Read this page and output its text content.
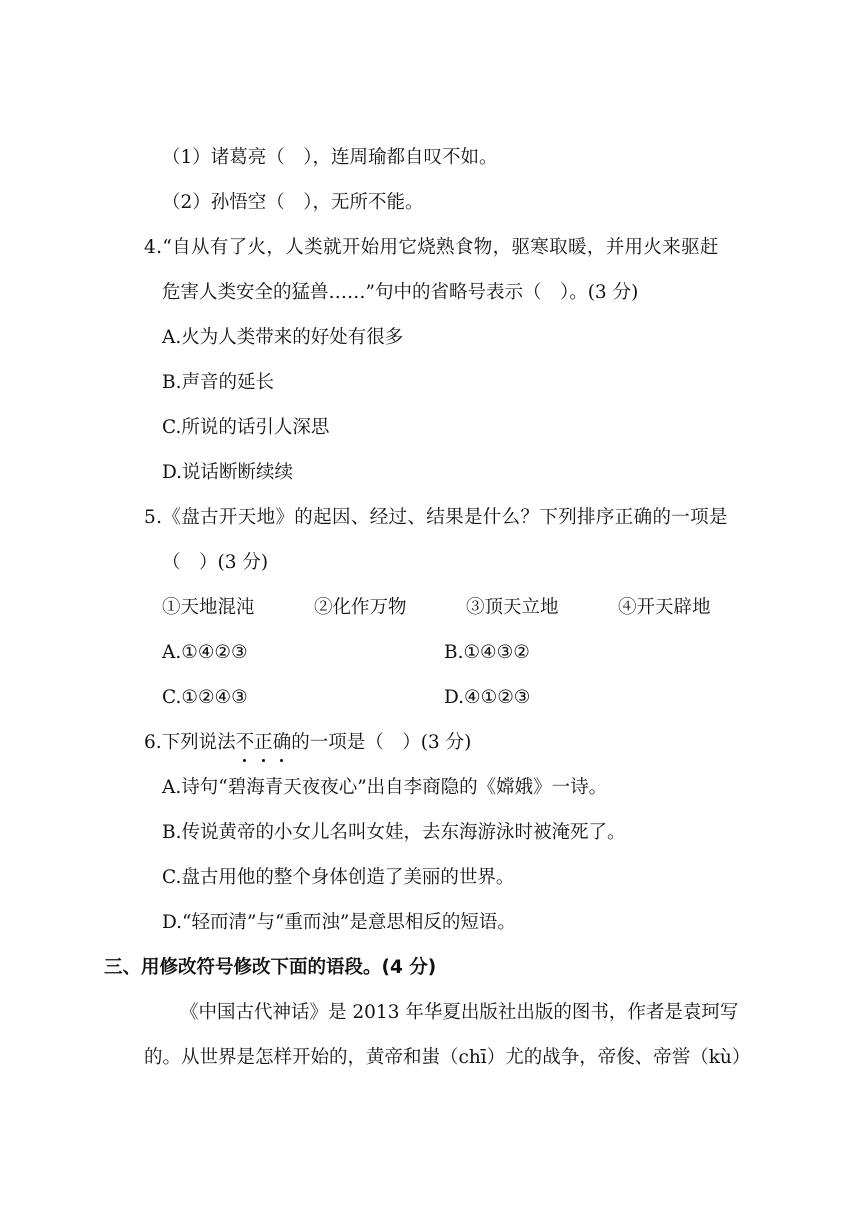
（1）诸葛亮（　），连周瑜都自叹不如。
（2）孙悟空（　），无所不能。
4.“自从有了火，人类就开始用它烧熟食物，驱寒取暖，并用火来驱赶
危害人类安全的猛兽……”句中的省略号表示（　）。(3 分)
A.火为人类带来的好处有很多
B.声音的延长
C.所说的话引人深思
D.说话断断续续
5.《盘古开天地》的起因、经过、结果是什么？下列排序正确的一项是
（　）(3 分)
①天地混沌	②化作万物	③顶天立地	④开天辟地
A.①④②③	B.①④③②
C.①②④③	D.④①②③
6.下列说法不正确的一项是（　）(3 分)
A.诗句“碧海青天夜夜心”出自李商隐的《嫦娥》一诗。
B.传说黄帝的小女儿名叫女娃，去东海游泳时被淹死了。
C.盘古用他的整个身体创造了美丽的世界。
D.“轻而清”与“重而浊”是意思相反的短语。
三、用修改符号修改下面的语段。(4 分)
《中国古代神话》是 2013 年华夏出版社出版的图书，作者是袁珂写
的。从世界是怎样开始的，黄帝和蚩（chī）尤的战争，帝俊、帝喾（kù）
